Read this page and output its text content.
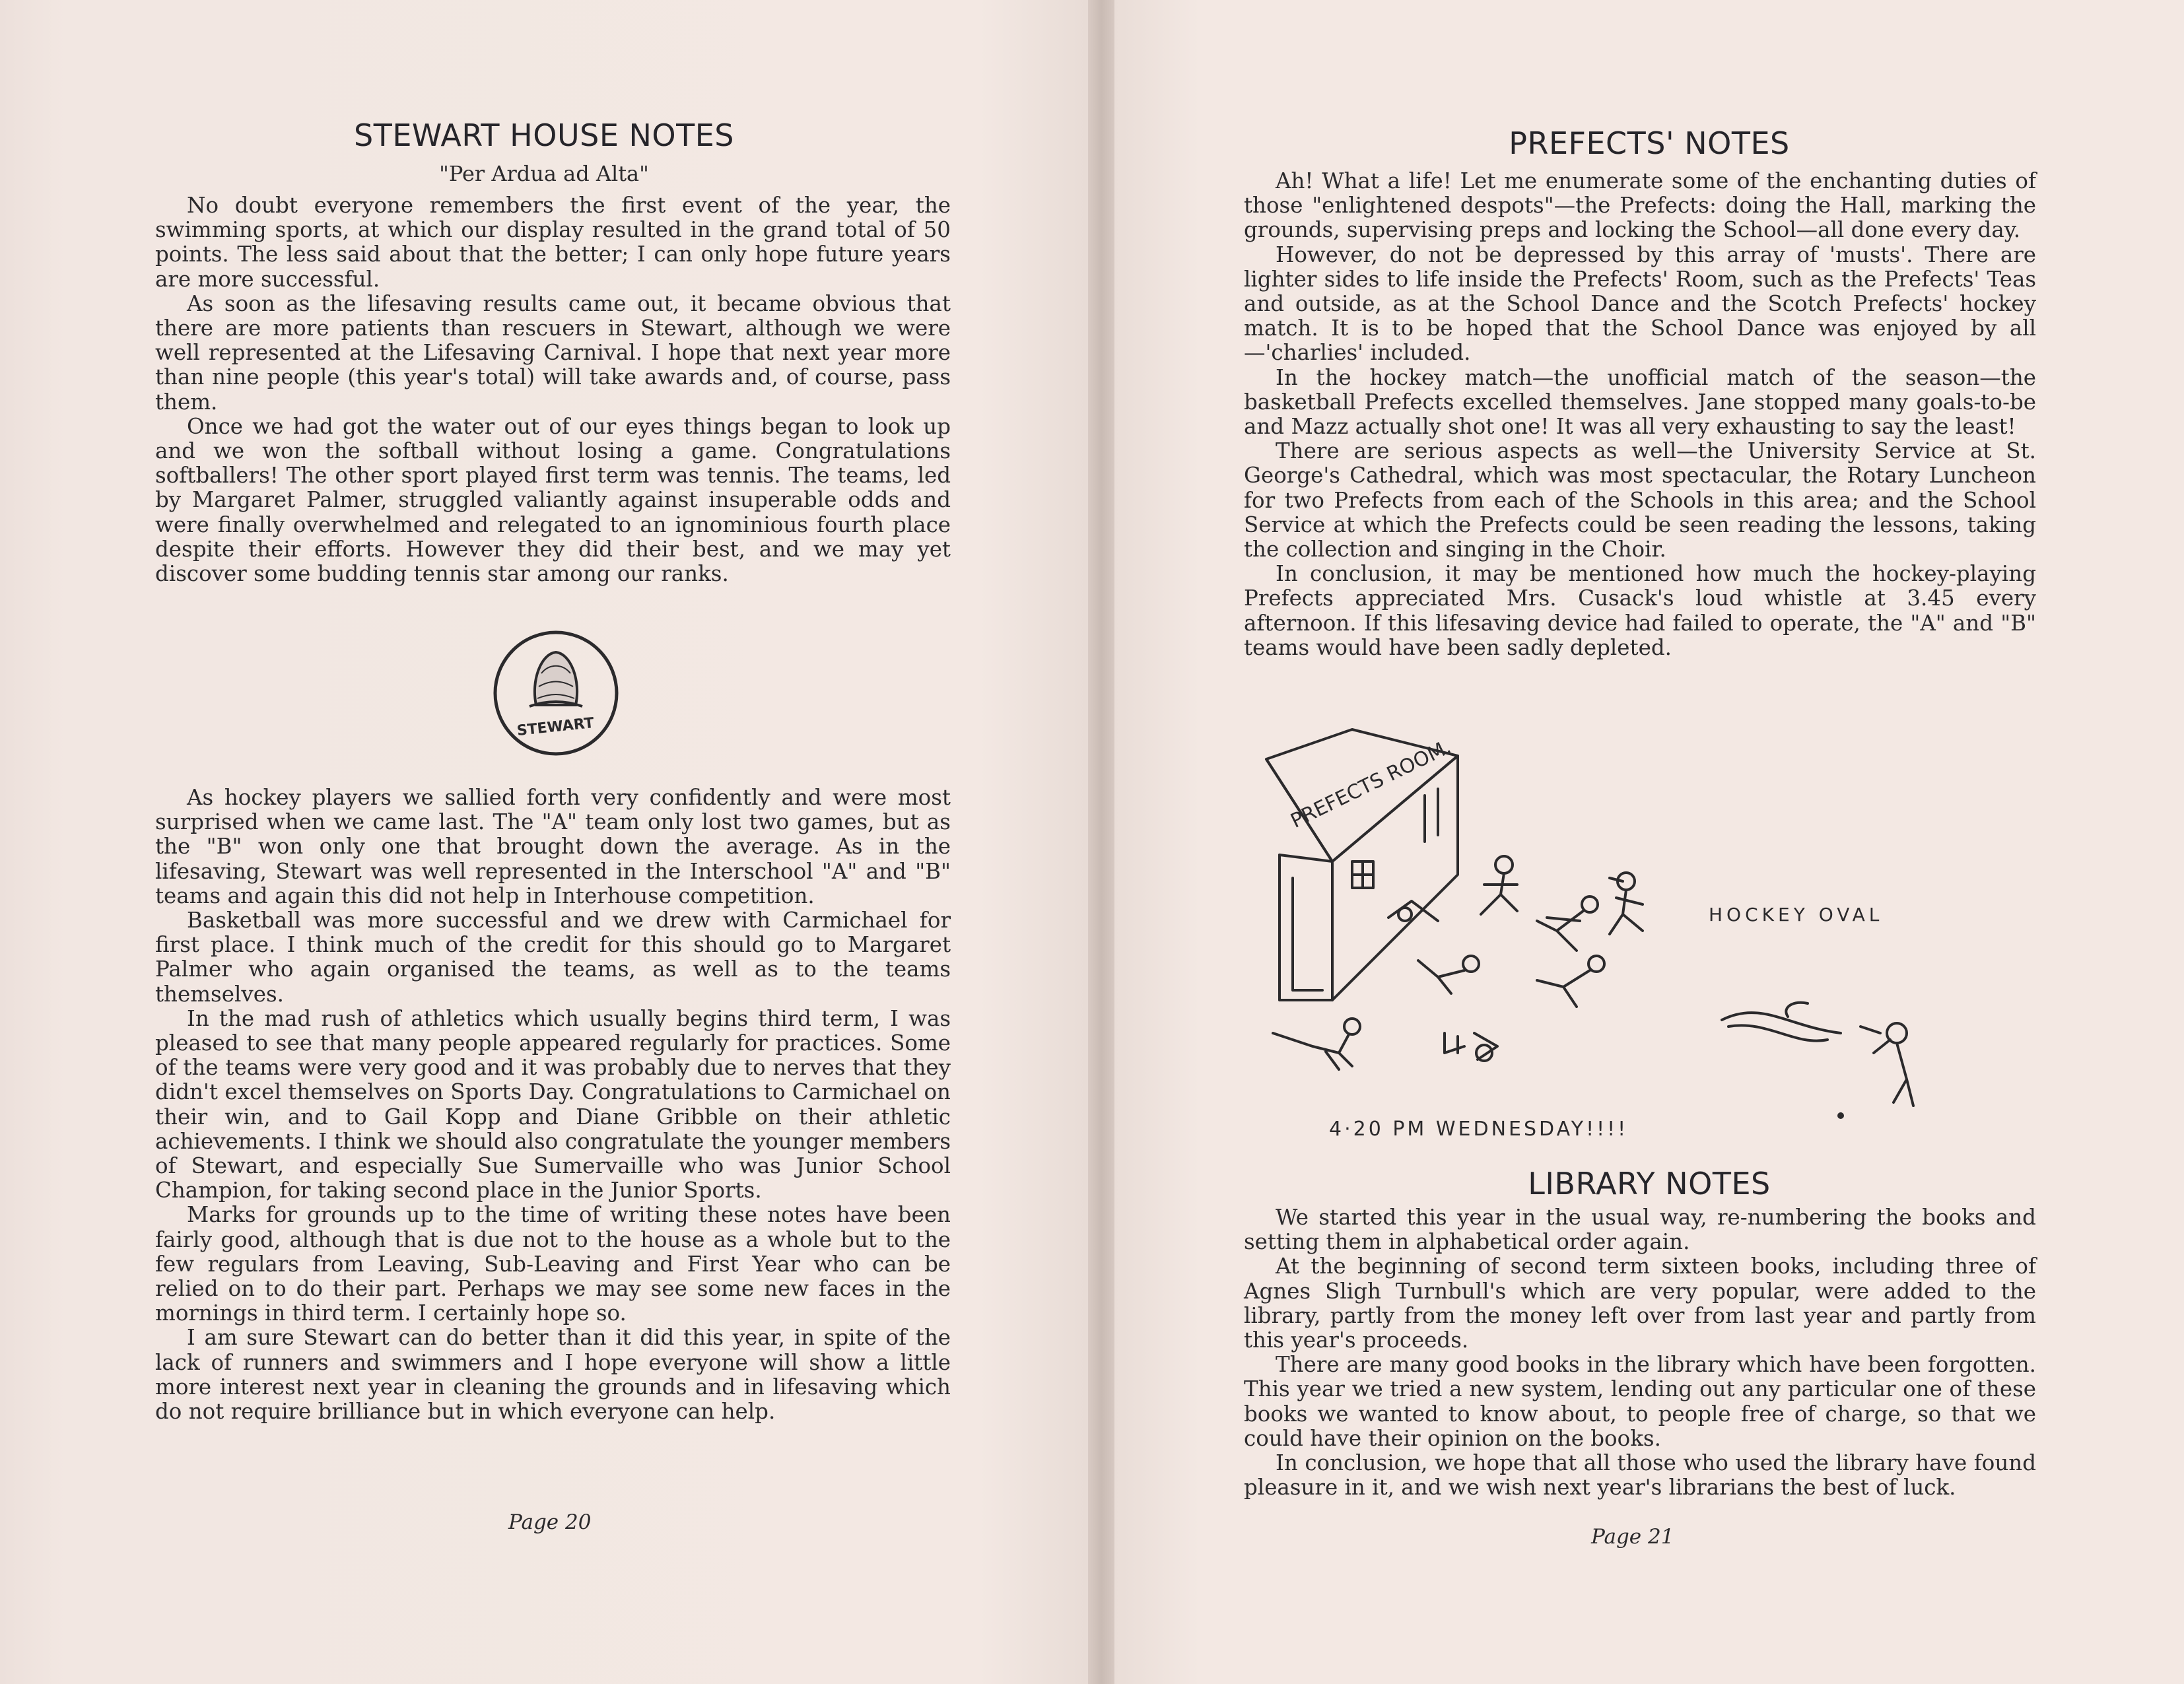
STEWART HOUSE NOTES
"Per Ardua ad Alta"

No doubt everyone remembers the first event of the year, the swimming sports, at which our display resulted in the grand total of 50 points. The less said about that the better; I can only hope future years are more successful.

As soon as the lifesaving results came out, it became obvious that there are more patients than rescuers in Stewart, although we were well represented at the Lifesaving Carnival. I hope that next year more than nine people (this year's total) will take awards and, of course, pass them.

Once we had got the water out of our eyes things began to look up and we won the softball without losing a game. Congratulations softballers! The other sport played first term was tennis. The teams, led by Margaret Palmer, struggled valiantly against insuperable odds and were finally overwhelmed and relegated to an ignominious fourth place despite their efforts. However they did their best, and we may yet discover some budding tennis star among our ranks.

STEWART

As hockey players we sallied forth very confidently and were most surprised when we came last. The "A" team only lost two games, but as the "B" won only one that brought down the average. As in the lifesaving, Stewart was well represented in the Interschool "A" and "B" teams and again this did not help in Interhouse competition.

Basketball was more successful and we drew with Carmichael for first place. I think much of the credit for this should go to Margaret Palmer who again organised the teams, as well as to the teams themselves.

In the mad rush of athletics which usually begins third term, I was pleased to see that many people appeared regularly for practices. Some of the teams were very good and it was probably due to nerves that they didn't excel themselves on Sports Day. Congratulations to Carmichael on their win, and to Gail Kopp and Diane Gribble on their athletic achievements. I think we should also congratulate the younger members of Stewart, and especially Sue Sumervaille who was Junior School Champion, for taking second place in the Junior Sports.

Marks for grounds up to the time of writing these notes have been fairly good, although that is due not to the house as a whole but to the few regulars from Leaving, Sub-Leaving and First Year who can be relied on to do their part. Perhaps we may see some new faces in the mornings in third term. I certainly hope so.

I am sure Stewart can do better than it did this year, in spite of the lack of runners and swimmers and I hope everyone will show a little more interest next year in cleaning the grounds and in lifesaving which do not require brilliance but in which everyone can help.

Page 20
PREFECTS' NOTES

Ah! What a life! Let me enumerate some of the enchanting duties of those "enlightened despots"—the Prefects: doing the Hall, marking the grounds, supervising preps and locking the School—all done every day.

However, do not be depressed by this array of 'musts'. There are lighter sides to life inside the Prefects' Room, such as the Prefects' Teas and outside, as at the School Dance and the Scotch Prefects' hockey match. It is to be hoped that the School Dance was enjoyed by all—'charlies' included.

In the hockey match—the unofficial match of the season—the basketball Prefects excelled themselves. Jane stopped many goals-to-be and Mazz actually shot one! It was all very exhausting to say the least!

There are serious aspects as well—the University Service at St. George's Cathedral, which was most spectacular, the Rotary Luncheon for two Prefects from each of the Schools in this area; and the School Service at which the Prefects could be seen reading the lessons, taking the collection and singing in the Choir.

In conclusion, it may be mentioned how much the hockey-playing Prefects appreciated Mrs. Cusack's loud whistle at 3.45 every afternoon. If this lifesaving device had failed to operate, the "A" and "B" teams would have been sadly depleted.

PREFECTS ROOM.
HOCKEY OVAL
4·20 PM WEDNESDAY!!!!
LIBRARY NOTES

We started this year in the usual way, re-numbering the books and setting them in alphabetical order again.

At the beginning of second term sixteen books, including three of Agnes Sligh Turnbull's which are very popular, were added to the library, partly from the money left over from last year and partly from this year's proceeds.

There are many good books in the library which have been forgotten. This year we tried a new system, lending out any particular one of these books we wanted to know about, to people free of charge, so that we could have their opinion on the books.

In conclusion, we hope that all those who used the library have found pleasure in it, and we wish next year's librarians the best of luck.

Page 21
